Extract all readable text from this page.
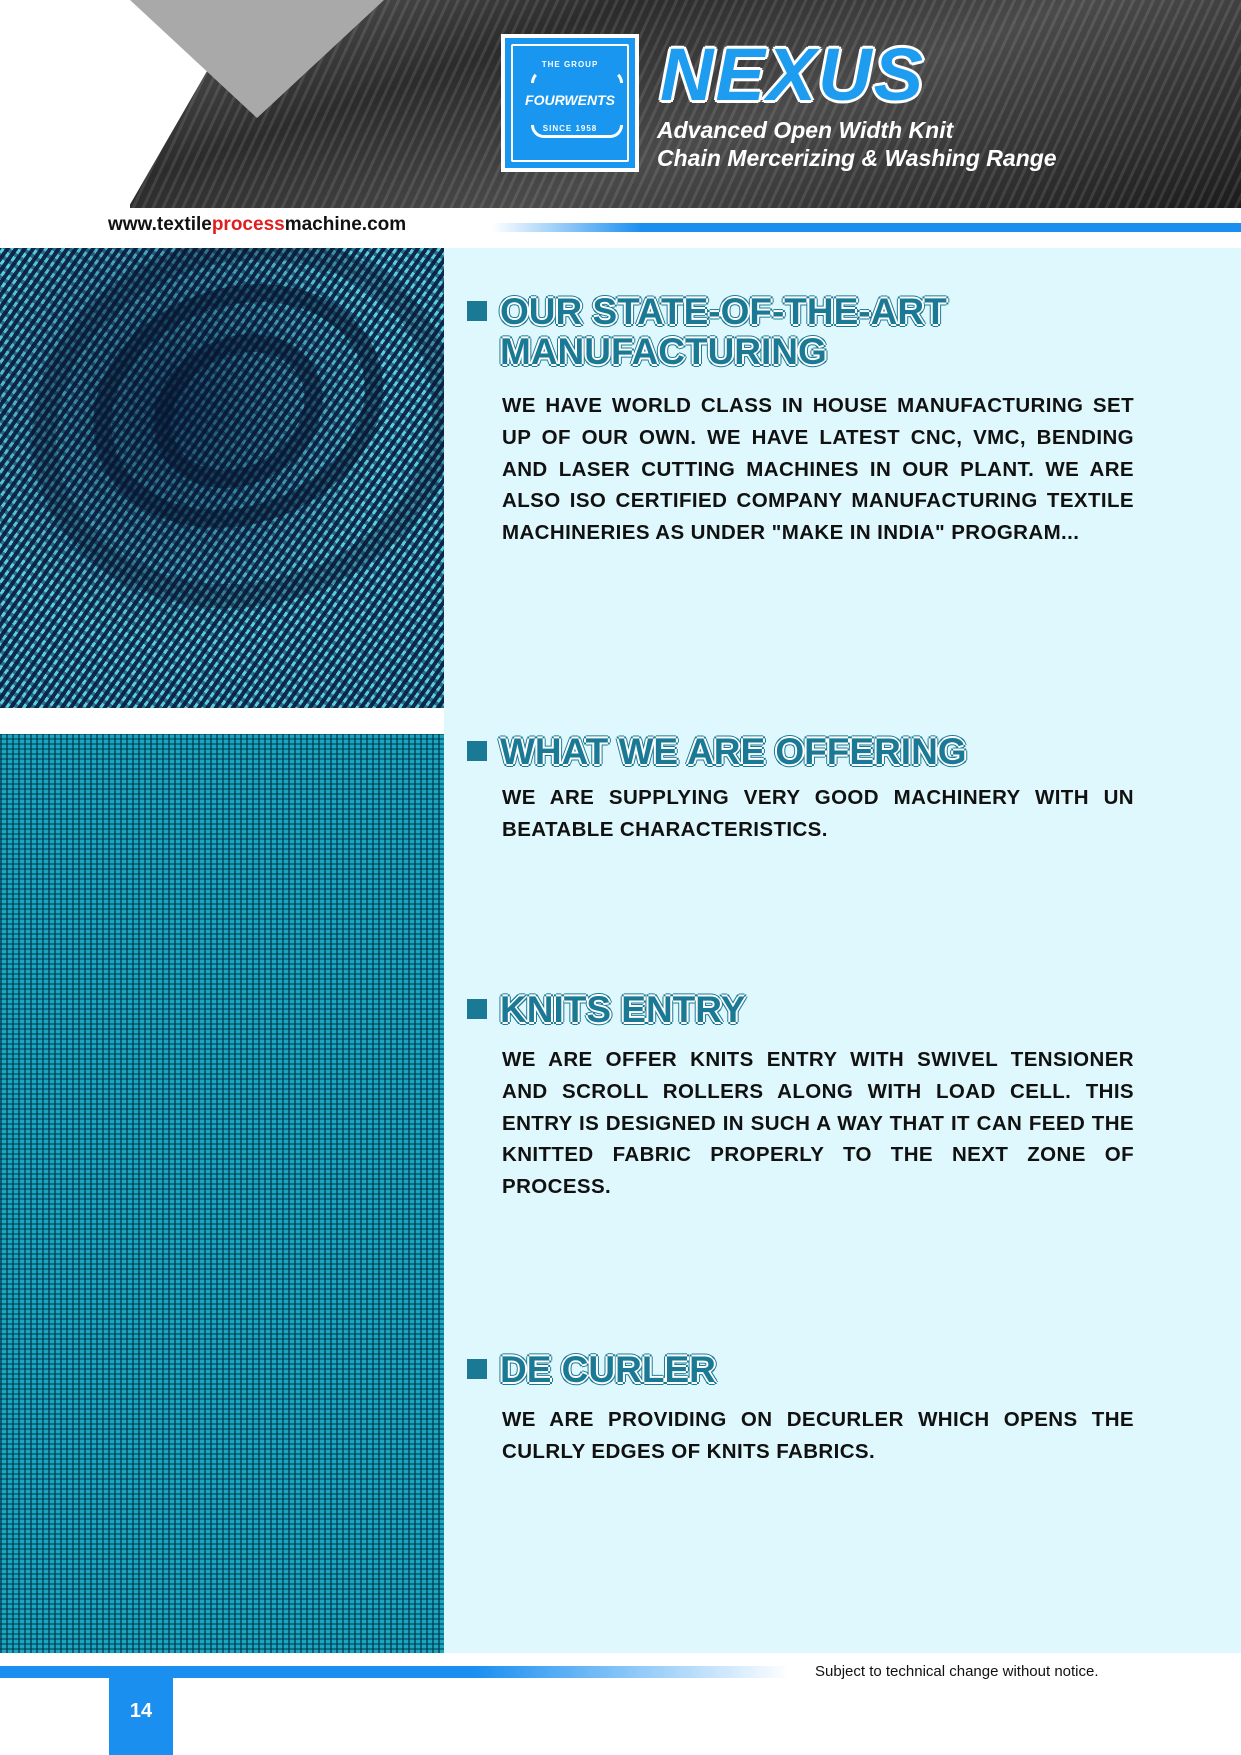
THE GROUP
FOURWENTS
SINCE 1958
NEXUS
Advanced Open Width Knit
Chain Mercerizing & Washing Range
www.textileprocessmachine.com
OUR STATE-OF-THE-ART MANUFACTURING
WE HAVE WORLD CLASS IN HOUSE MANUFACTURING SET UP OF OUR OWN. WE HAVE LATEST CNC, VMC, BENDING AND LASER CUTTING MACHINES IN OUR PLANT. WE ARE ALSO ISO CERTIFIED COMPANY MANUFACTURING TEXTILE MACHINERIES AS UNDER "MAKE IN INDIA" PROGRAM...
WHAT WE ARE OFFERING
WE ARE SUPPLYING VERY GOOD MACHINERY WITH UN BEATABLE CHARACTERISTICS.
KNITS ENTRY
WE ARE OFFER KNITS ENTRY WITH SWIVEL TENSIONER AND SCROLL ROLLERS ALONG WITH LOAD CELL. THIS ENTRY IS DESIGNED IN SUCH A WAY THAT IT CAN FEED THE KNITTED FABRIC PROPERLY TO THE NEXT ZONE OF PROCESS.
DE CURLER
WE ARE PROVIDING ON DECURLER WHICH OPENS THE CULRLY EDGES OF KNITS FABRICS.
Subject to technical change without notice.
14
